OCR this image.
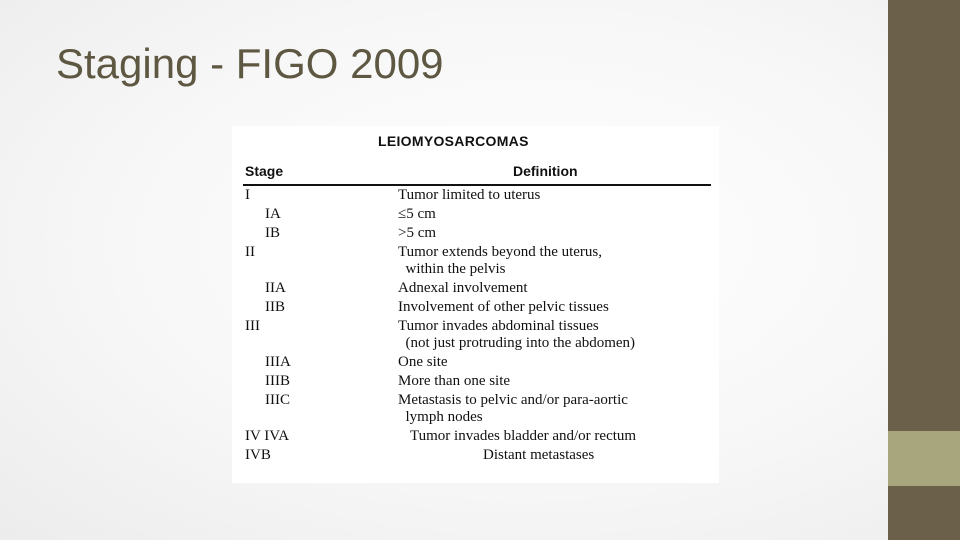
Staging - FIGO 2009
LEIOMYOSARCOMAS
Stage	Definition
I	Tumor limited to uterus
IA	≤5 cm
IB	>5 cm
II	Tumor extends beyond the uterus,
within the pelvis
IIA	Adnexal involvement
IIB	Involvement of other pelvic tissues
III	Tumor invades abdominal tissues
(not just protruding into the abdomen)
IIIA	One site
IIIB	More than one site
IIIC	Metastasis to pelvic and/or para-aortic
lymph nodes
IV IVA	Tumor invades bladder and/or rectum
IVB	Distant metastases
